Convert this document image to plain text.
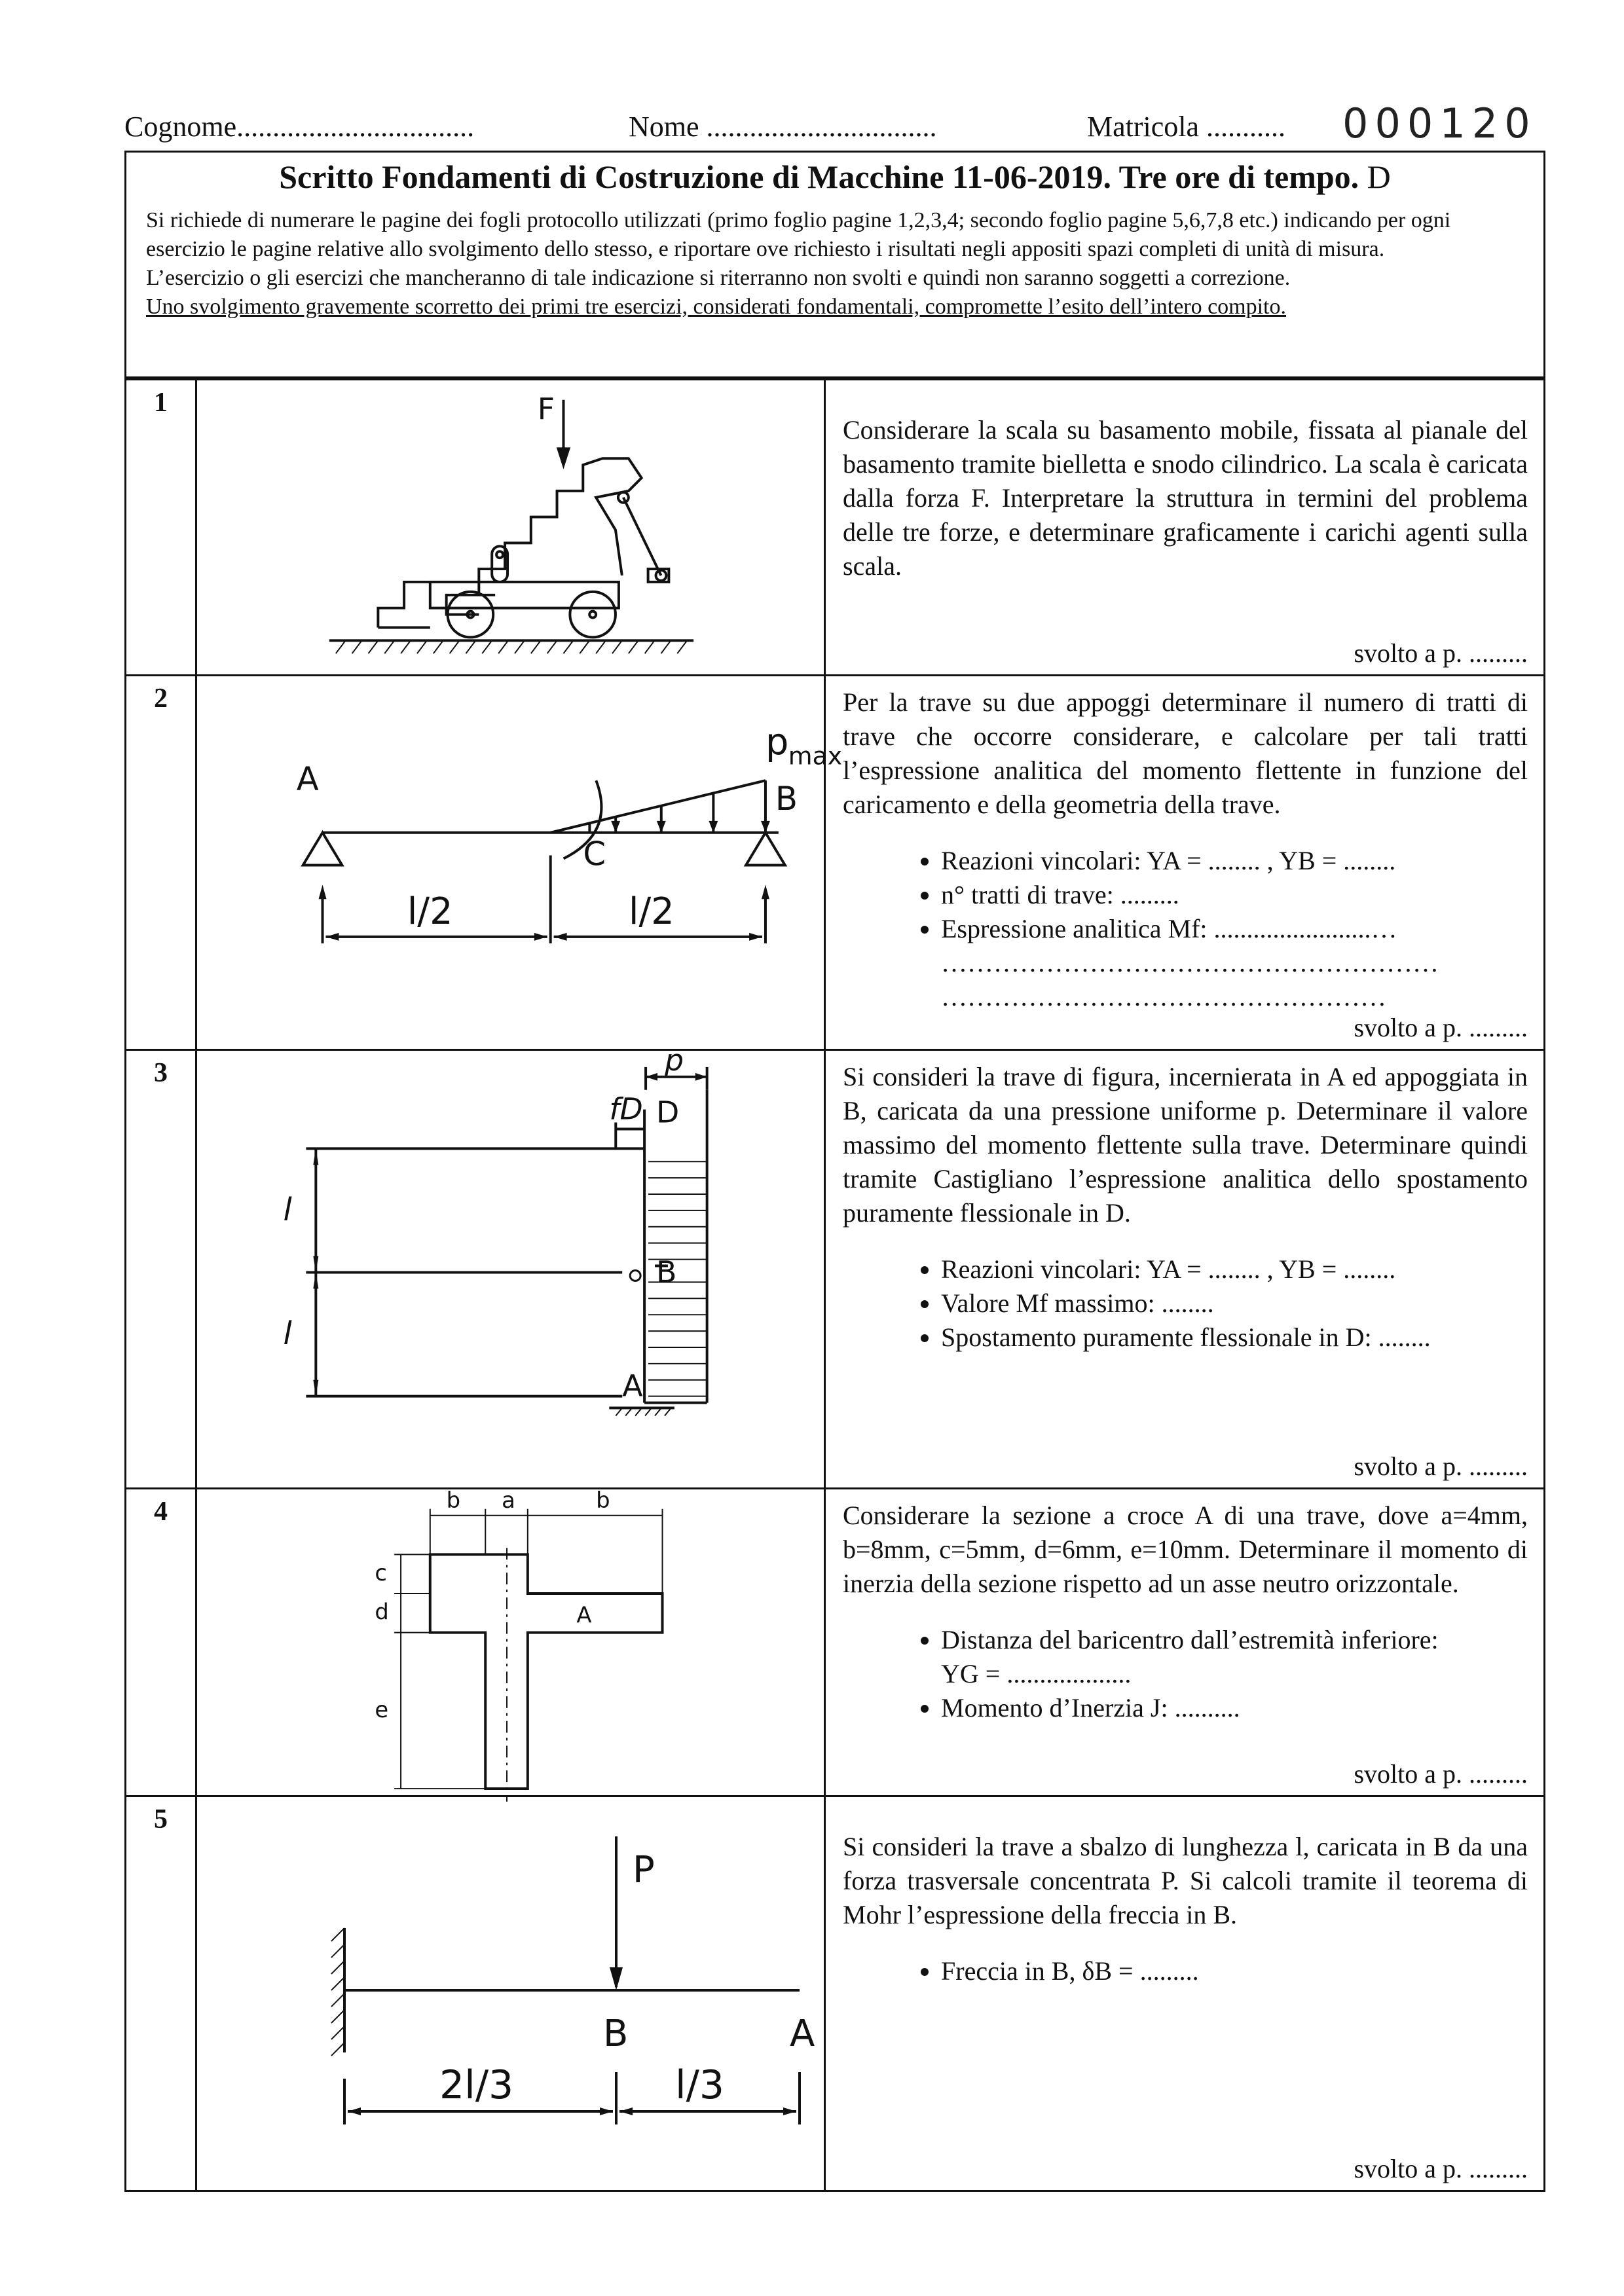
Cognome.................................	Nome ................................	Matricola ........... 000120
Scritto Fondamenti di Costruzione di Macchine 11-06-2019. Tre ore di tempo. D

Si richiede di numerare le pagine dei fogli protocollo utilizzati (primo foglio pagine 1,2,3,4; secondo foglio pagine 5,6,7,8 etc.) indicando per ogni esercizio le pagine relative allo svolgimento dello stesso, e riportare ove richiesto i risultati negli appositi spazi completi di unità di misura.

L’esercizio o gli esercizi che mancheranno di tale indicazione si riterranno non svolti e quindi non saranno soggetti a correzione.

Uno svolgimento gravemente scorretto dei primi tre esercizi, considerati fondamentali, compromette l’esito dell’intero compito.

1	F

Considerare la scala su basamento mobile, fissata al pianale del basamento tramite bielletta e snodo cilindrico. La scala è caricata dalla forza F. Interpretare la struttura in termini del problema delle tre forze, e determinare graficamente i carichi agenti sulla scala.

svolto a p. .........
2
A
B
C
p max
l/2	l/2

Per la trave su due appoggi determinare il numero di tratti di trave che occorre considerare, e calcolare per tali tratti l’espressione analitica del momento flettente in funzione del caricamento e della geometria della trave.

• Reazioni vincolari: YA = ........ , YB = ........
• n° tratti di trave: .........
• Espressione analitica Mf: ........................…
…………………………………………………
……………………………………………
svolto a p. .........
3	p
fD D
B
A
l
l

Si consideri la trave di figura, incernierata in A ed appoggiata in B, caricata da una pressione uniforme p. Determinare il valore massimo del momento flettente sulla trave. Determinare quindi tramite Castigliano l’espressione analitica dello spostamento puramente flessionale in D.

• Reazioni vincolari: YA = ........ , YB = ........
• Valore Mf massimo: ........
• Spostamento puramente flessionale in D: ........
svolto a p. .........
4	b a	b
c
d
e
A

Considerare la sezione a croce A di una trave, dove a=4mm, b=8mm, c=5mm, d=6mm, e=10mm. Determinare il momento di inerzia della sezione rispetto ad un asse neutro orizzontale.

• Distanza del baricentro dall’estremità inferiore:
YG = ...................
• Momento d’Inerzia J: ..........
svolto a p. .........
5
P
B	A
2l/3	l/3

Si consideri la trave a sbalzo di lunghezza l, caricata in B da una forza trasversale concentrata P. Si calcoli tramite il teorema di Mohr l’espressione della freccia in B.

• Freccia in B, δB = .........
svolto a p. .........
